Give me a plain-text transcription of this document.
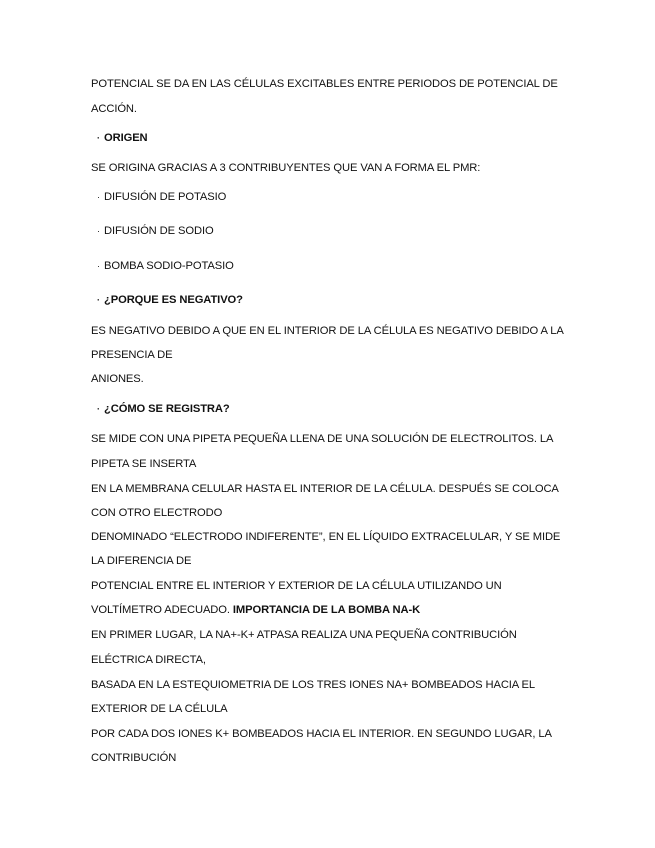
POTENCIAL SE DA EN LAS CÉLULAS EXCITABLES ENTRE PERIODOS DE POTENCIAL DE
ACCIÓN.
· ORIGEN
SE ORIGINA GRACIAS A 3 CONTRIBUYENTES QUE VAN A FORMA EL PMR:
· DIFUSIÓN DE POTASIO
· DIFUSIÓN DE SODIO
· BOMBA SODIO-POTASIO
· ¿PORQUE ES NEGATIVO?
ES NEGATIVO DEBIDO A QUE EN EL INTERIOR DE LA CÉLULA ES NEGATIVO DEBIDO A LA
PRESENCIA DE
ANIONES.
· ¿CÓMO SE REGISTRA?
SE MIDE CON UNA PIPETA PEQUEÑA LLENA DE UNA SOLUCIÓN DE ELECTROLITOS. LA
PIPETA SE INSERTA
EN LA MEMBRANA CELULAR HASTA EL INTERIOR DE LA CÉLULA. DESPUÉS SE COLOCA
CON OTRO ELECTRODO
DENOMINADO “ELECTRODO INDIFERENTE”, EN EL LÍQUIDO EXTRACELULAR, Y SE MIDE
LA DIFERENCIA DE
POTENCIAL ENTRE EL INTERIOR Y EXTERIOR DE LA CÉLULA UTILIZANDO UN
VOLTÍMETRO ADECUADO. IMPORTANCIA DE LA BOMBA NA-K
EN PRIMER LUGAR, LA NA+-K+ ATPASA REALIZA UNA PEQUEÑA CONTRIBUCIÓN
ELÉCTRICA DIRECTA,
BASADA EN LA ESTEQUIOMETRIA DE LOS TRES IONES NA+ BOMBEADOS HACIA EL
EXTERIOR DE LA CÉLULA
POR CADA DOS IONES K+ BOMBEADOS HACIA EL INTERIOR. EN SEGUNDO LUGAR, LA
CONTRIBUCIÓN
